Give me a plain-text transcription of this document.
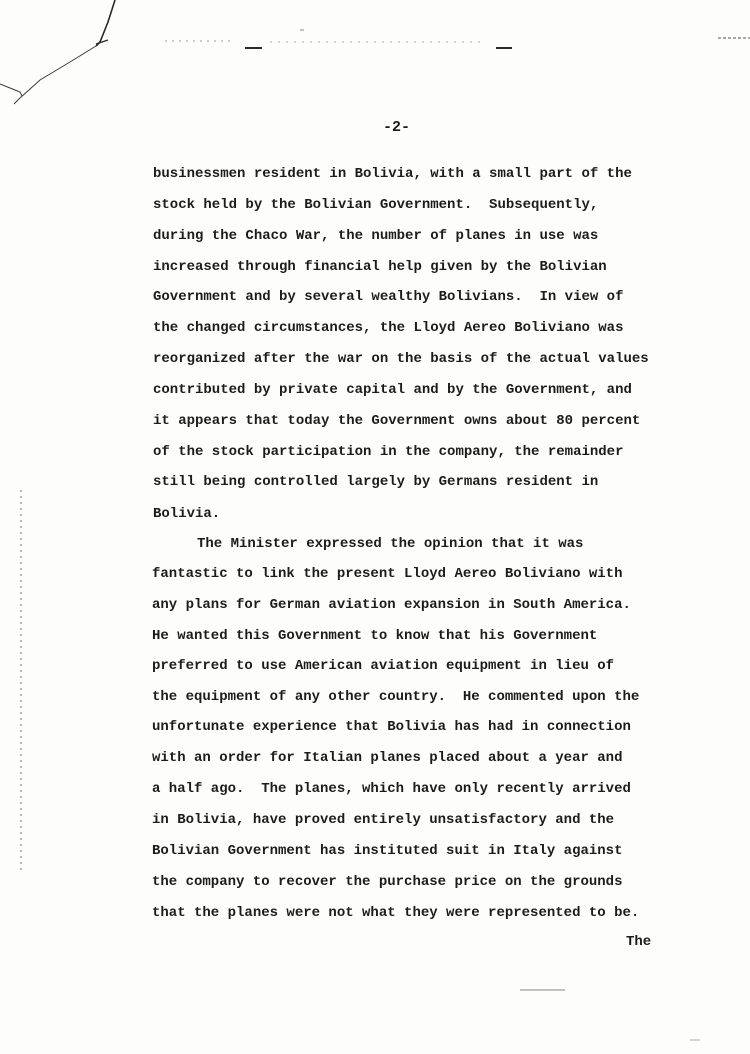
-2-
businessmen resident in Bolivia, with a small part of the
stock held by the Bolivian Government.  Subsequently,
during the Chaco War, the number of planes in use was
increased through financial help given by the Bolivian
Government and by several wealthy Bolivians.  In view of
the changed circumstances, the Lloyd Aereo Boliviano was
reorganized after the war on the basis of the actual values
contributed by private capital and by the Government, and
it appears that today the Government owns about 80 percent
of the stock participation in the company, the remainder
still being controlled largely by Germans resident in
Bolivia.
The Minister expressed the opinion that it was
fantastic to link the present Lloyd Aereo Boliviano with
any plans for German aviation expansion in South America.
He wanted this Government to know that his Government
preferred to use American aviation equipment in lieu of
the equipment of any other country.  He commented upon the
unfortunate experience that Bolivia has had in connection
with an order for Italian planes placed about a year and
a half ago.  The planes, which have only recently arrived
in Bolivia, have proved entirely unsatisfactory and the
Bolivian Government has instituted suit in Italy against
the company to recover the purchase price on the grounds
that the planes were not what they were represented to be.
The
